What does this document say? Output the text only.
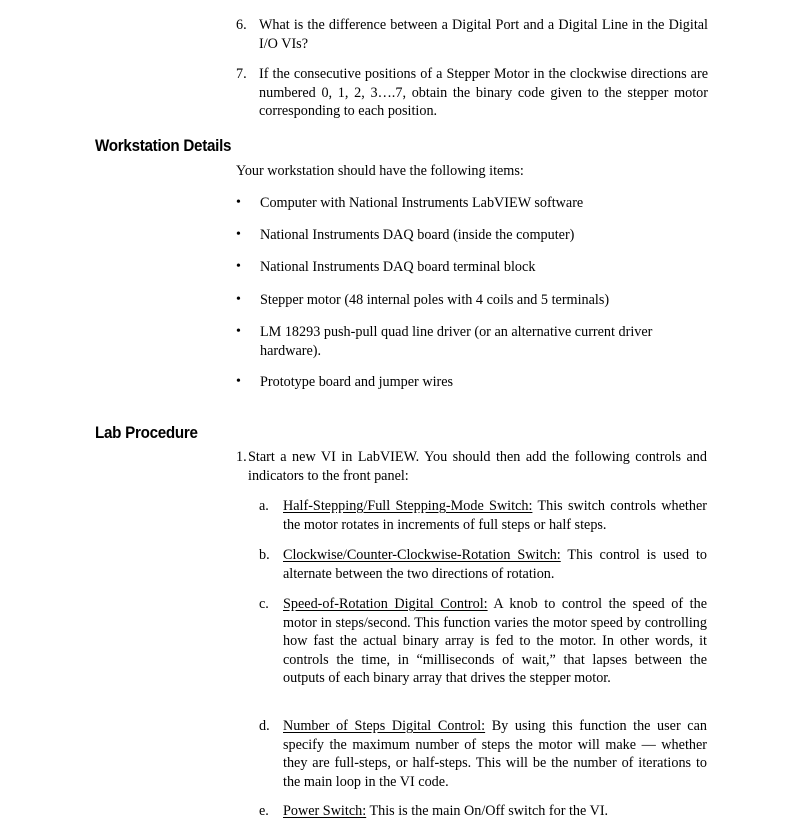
6. What is the difference between a Digital Port and a Digital Line in the Digital I/O VIs?
7. If the consecutive positions of a Stepper Motor in the clockwise directions are numbered 0, 1, 2, 3….7, obtain the binary code given to the stepper motor corresponding to each position.
Workstation Details
Your workstation should have the following items:
•	Computer with National Instruments LabVIEW software
•	National Instruments DAQ board (inside the computer)
•	National Instruments DAQ board terminal block
•	Stepper motor (48 internal poles with 4 coils and 5 terminals)
•	LM 18293 push-pull quad line driver (or an alternative current driver hardware).
•	Prototype board and jumper wires
Lab Procedure
1. Start a new VI in LabVIEW. You should then add the following controls and indicators to the front panel:
a. Half-Stepping/Full Stepping-Mode Switch: This switch controls whether the motor rotates in increments of full steps or half steps.
b. Clockwise/Counter-Clockwise-Rotation Switch: This control is used to alternate between the two directions of rotation.
c. Speed-of-Rotation Digital Control: A knob to control the speed of the motor in steps/second. This function varies the motor speed by controlling how fast the actual binary array is fed to the motor. In other words, it controls the time, in “milliseconds of wait,” that lapses between the outputs of each binary array that drives the stepper motor.
d. Number of Steps Digital Control: By using this function the user can specify the maximum number of steps the motor will make — whether they are full-steps, or half-steps. This will be the number of iterations to the main loop in the VI code.
e. Power Switch: This is the main On/Off switch for the VI.
